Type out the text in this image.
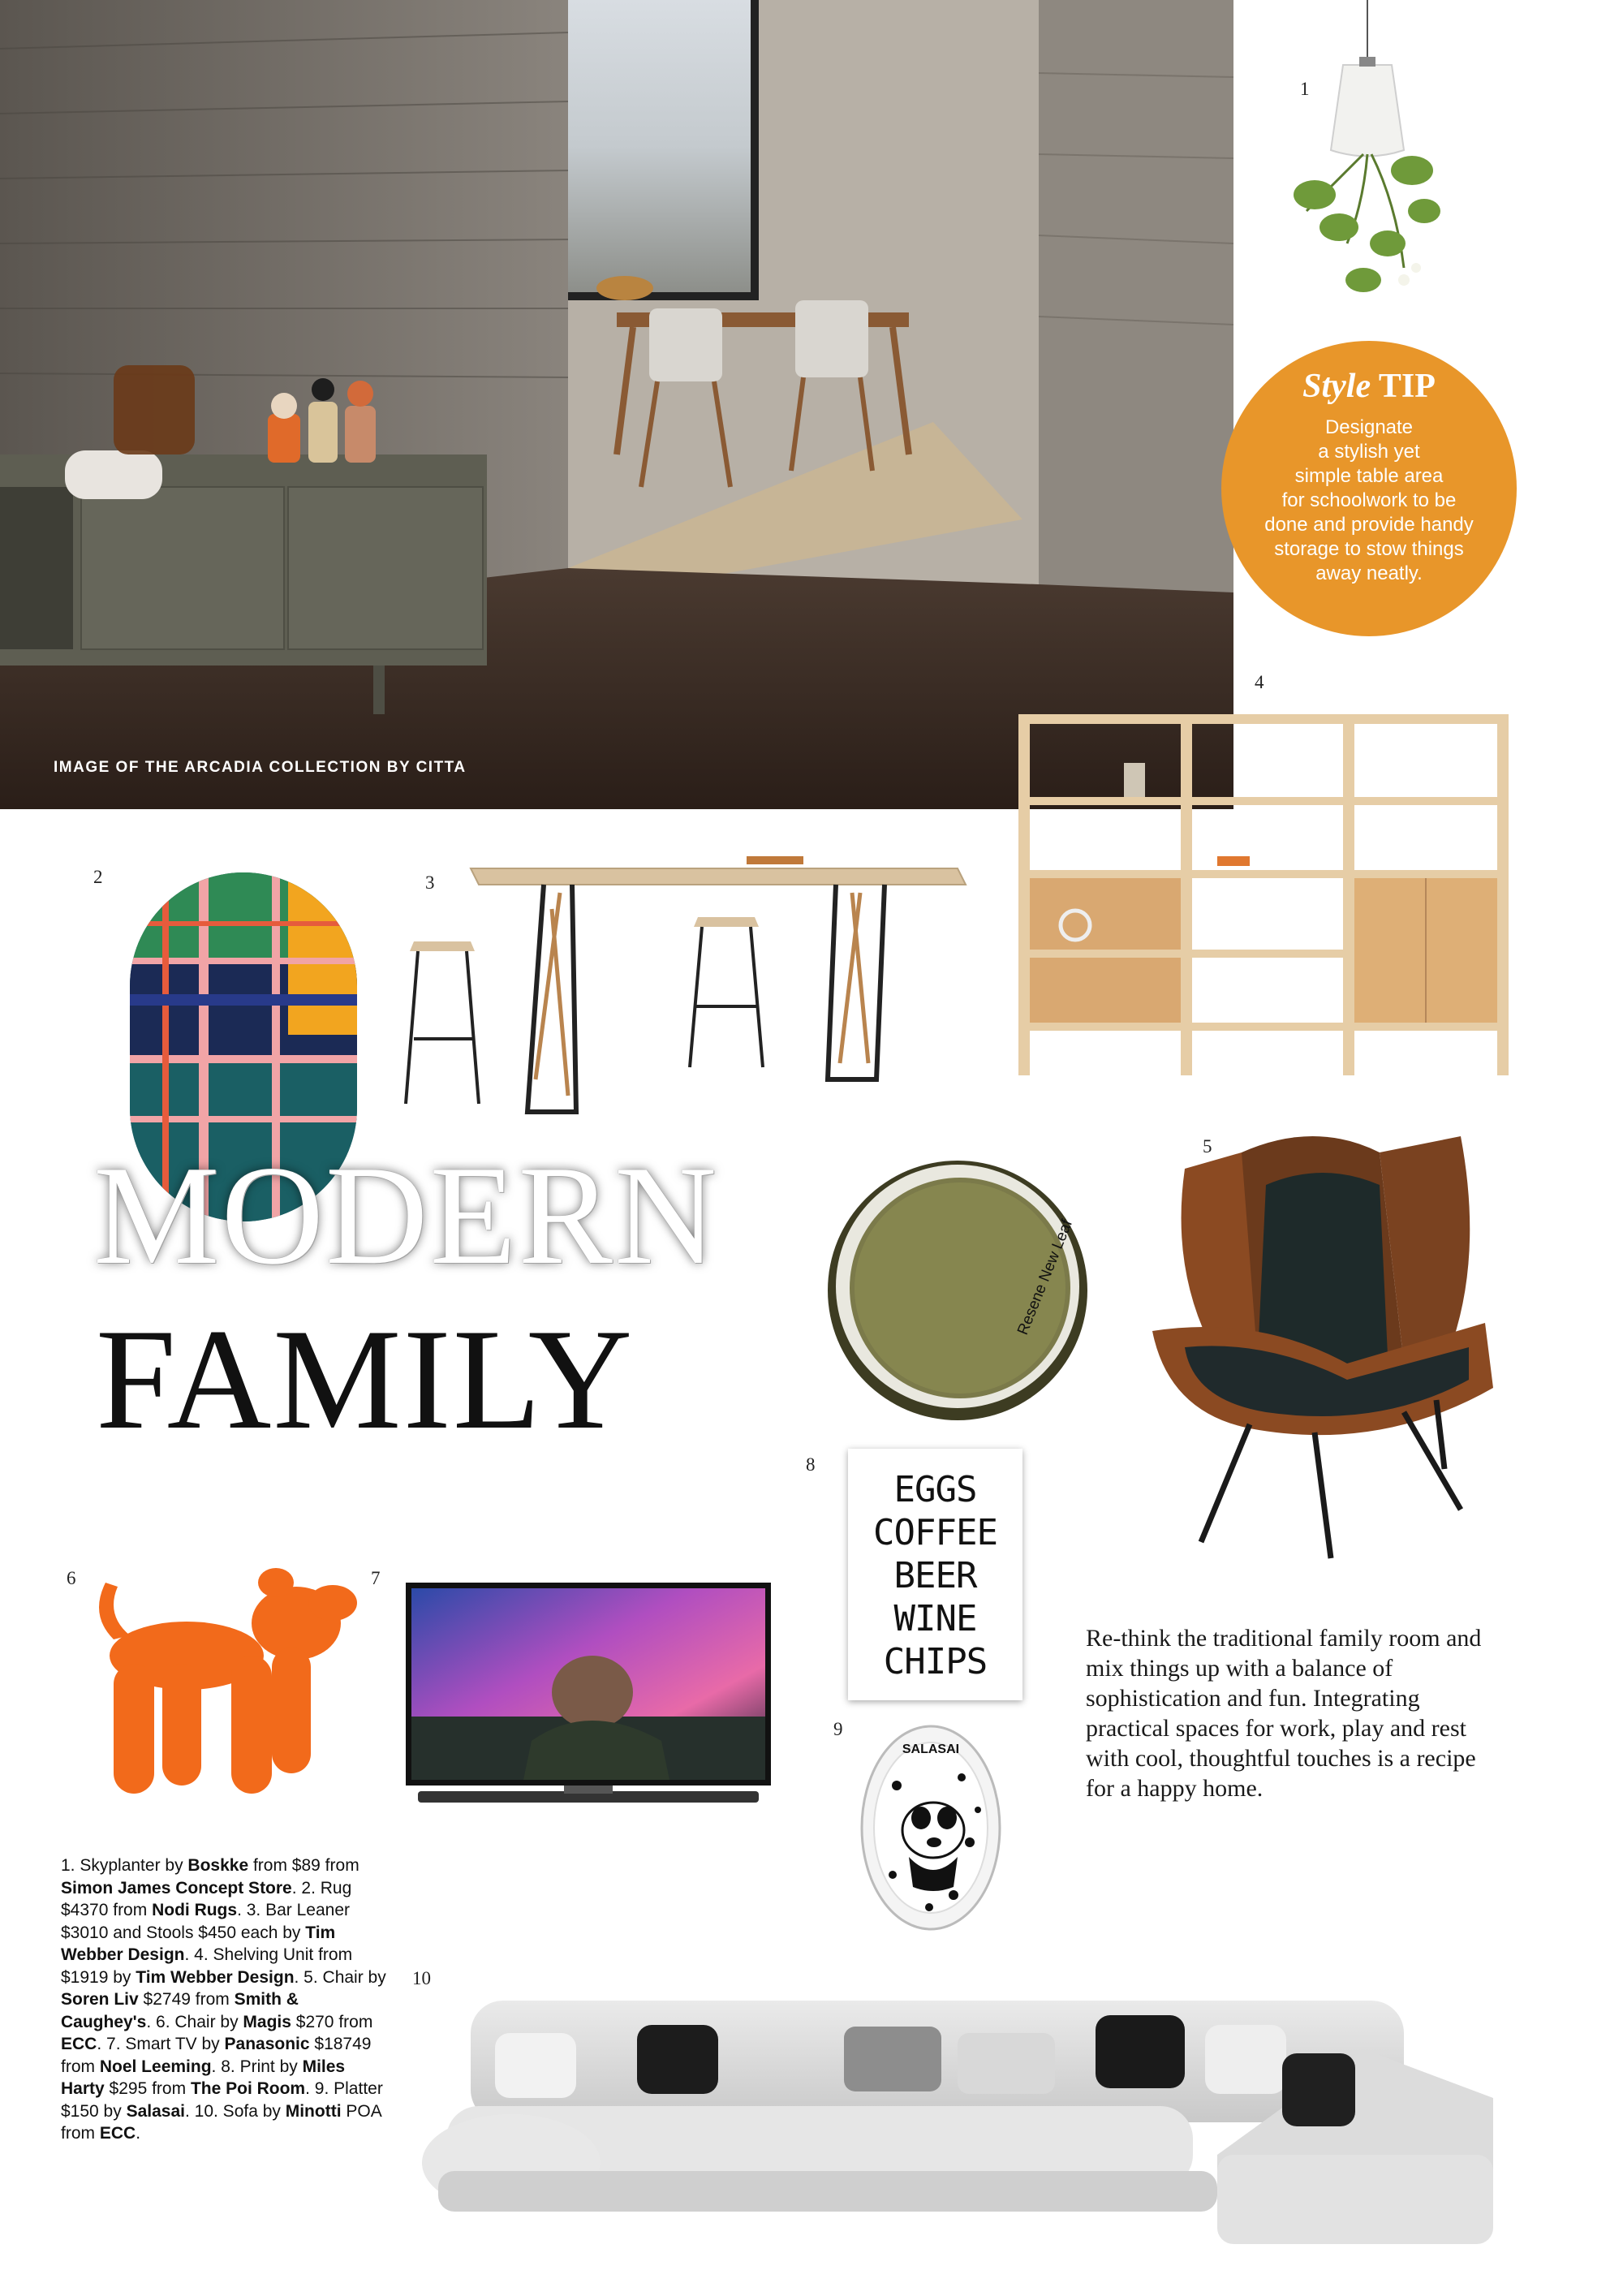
IMAGE OF THE ARCADIA COLLECTION BY CITTA
1
2	3
4
5
6	7
8
9
10
Style TIP
Designate
a stylish yet
simple table area
for schoolwork to be
done and provide handy
storage to stow things
away neatly.
MODERN
FAMILY
Resene New Leaf
EGGS
COFFEE
BEER
WINE
CHIPS
SALASAI
Re-think the traditional family room and mix things up with a balance of sophistication and fun. Integrating practical spaces for work, play and rest with cool, thoughtful touches is a recipe for a happy home.
1. Skyplanter by Boskke from $89 from Simon James Concept Store. 2. Rug $4370 from Nodi Rugs. 3. Bar Leaner $3010 and Stools $450 each by Tim Webber Design. 4. Shelving Unit from $1919 by Tim Webber Design. 5. Chair by Soren Liv $2749 from Smith & Caughey's. 6. Chair by Magis $270 from ECC. 7. Smart TV by Panasonic $18749 from Noel Leeming. 8. Print by Miles Harty $295 from The Poi Room. 9. Platter $150 by Salasai. 10. Sofa by Minotti POA from ECC.
